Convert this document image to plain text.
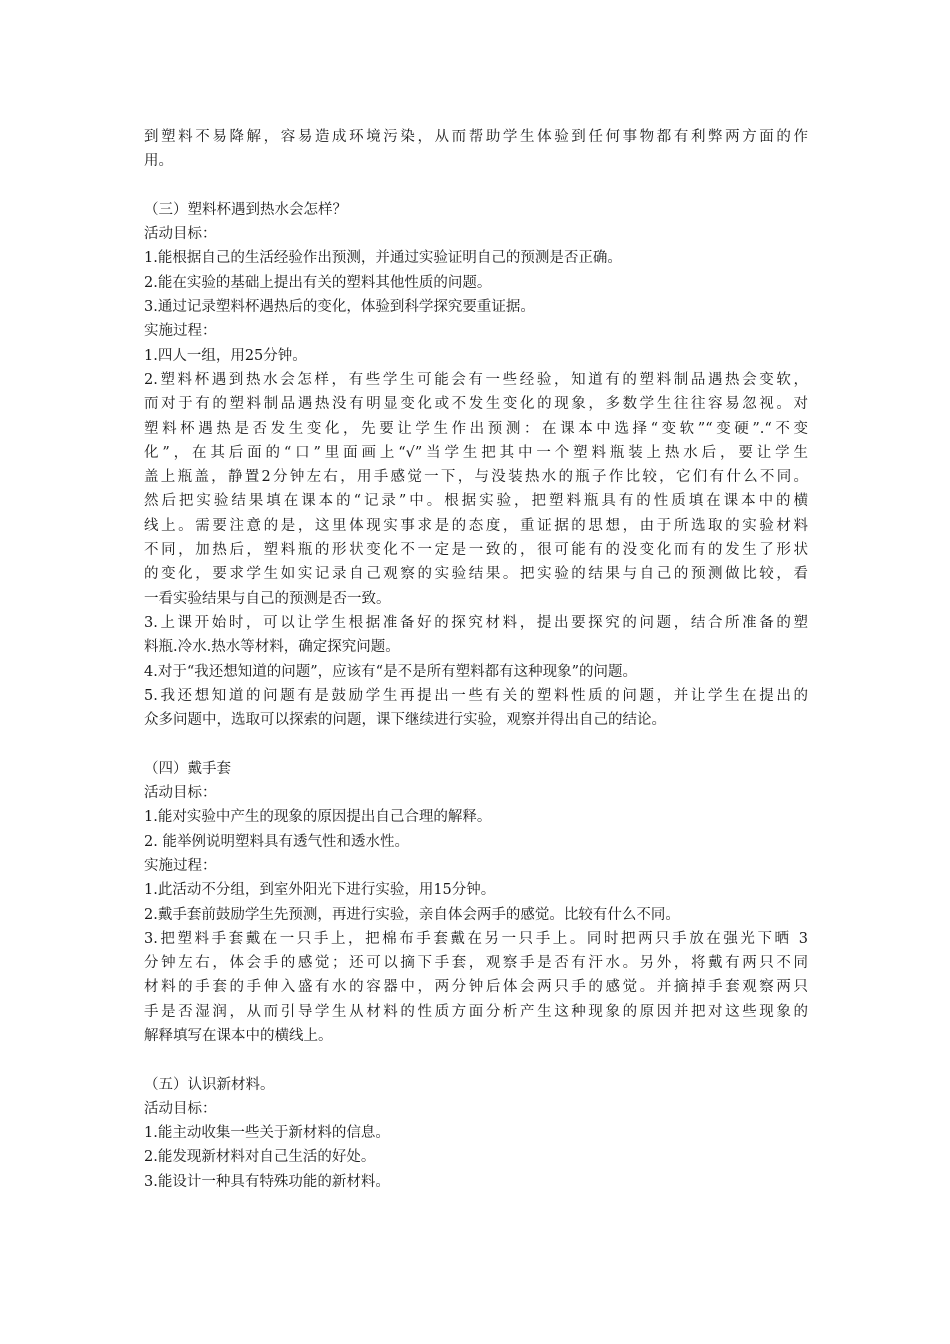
到塑料不易降解，容易造成环境污染，从而帮助学生体验到任何事物都有利弊两方面的作
用。
（三）塑料杯遇到热水会怎样？
活动目标：
1.能根据自己的生活经验作出预测，并通过实验证明自己的预测是否正确。
2.能在实验的基础上提出有关的塑料其他性质的问题。
3.通过记录塑料杯遇热后的变化，体验到科学探究要重证据。
实施过程：
1.四人一组，用25分钟。
2.塑料杯遇到热水会怎样，有些学生可能会有一些经验，知道有的塑料制品遇热会变软，
而对于有的塑料制品遇热没有明显变化或不发生变化的现象，多数学生往往容易忽视。对
塑料杯遇热是否发生变化，先要让学生作出预测：在课本中选择“变软”“变硬”.“不变
化”，在其后面的“口”里面画上“√”当学生把其中一个塑料瓶装上热水后，要让学生
盖上瓶盖，静置2分钟左右，用手感觉一下，与没装热水的瓶子作比较，它们有什么不同。
然后把实验结果填在课本的“记录”中。根据实验，把塑料瓶具有的性质填在课本中的横
线上。需要注意的是，这里体现实事求是的态度，重证据的思想，由于所选取的实验材料
不同，加热后，塑料瓶的形状变化不一定是一致的，很可能有的没变化而有的发生了形状
的变化，要求学生如实记录自己观察的实验结果。把实验的结果与自己的预测做比较，看
一看实验结果与自己的预测是否一致。
3.上课开始时，可以让学生根据准备好的探究材料，提出要探究的问题，结合所准备的塑
料瓶.冷水.热水等材料，确定探究问题。
4.对于“我还想知道的问题”，应该有“是不是所有塑料都有这种现象”的问题。
5.我还想知道的问题有是鼓励学生再提出一些有关的塑料性质的问题，并让学生在提出的
众多问题中，选取可以探索的问题，课下继续进行实验，观察并得出自己的结论。
（四）戴手套
活动目标：
1.能对实验中产生的现象的原因提出自己合理的解释。
2. 能举例说明塑料具有透气性和透水性。
实施过程：
1.此活动不分组，到室外阳光下进行实验，用15分钟。
2.戴手套前鼓励学生先预测，再进行实验，亲自体会两手的感觉。比较有什么不同。
3.把塑料手套戴在一只手上，把棉布手套戴在另一只手上。同时把两只手放在强光下晒 3
分钟左右，体会手的感觉；还可以摘下手套，观察手是否有汗水。另外，将戴有两只不同
材料的手套的手伸入盛有水的容器中，两分钟后体会两只手的感觉。并摘掉手套观察两只
手是否湿润，从而引导学生从材料的性质方面分析产生这种现象的原因并把对这些现象的
解释填写在课本中的横线上。
（五）认识新材料。
活动目标：
1.能主动收集一些关于新材料的信息。
2.能发现新材料对自己生活的好处。
3.能设计一种具有特殊功能的新材料。
